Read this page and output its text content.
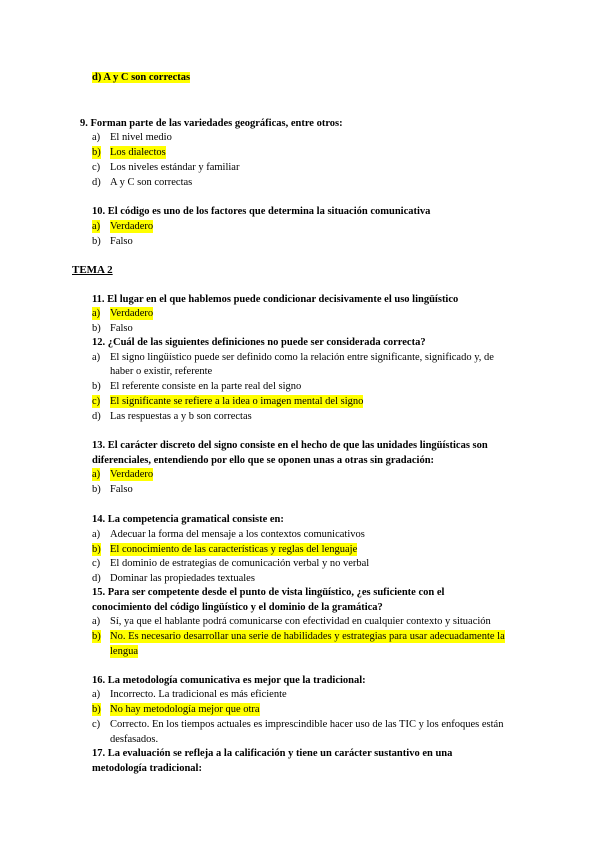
d) A y C son correctas
9. Forman parte de las variedades geográficas, entre otros:
a) El nivel medio
b) Los dialectos
c) Los niveles estándar y familiar
d) A y C son correctas
10. El código es uno de los factores que determina la situación comunicativa
a) Verdadero
b) Falso
TEMA 2
11. El lugar en el que hablemos puede condicionar decisivamente el uso lingüístico
a) Verdadero
b) Falso
12. ¿Cuál de las siguientes definiciones no puede ser considerada correcta?
a) El signo lingüístico puede ser definido como la relación entre significante, significado y, de
haber o existir, referente
b) El referente consiste en la parte real del signo
c) El significante se refiere a la idea o imagen mental del signo
d) Las respuestas a y b son correctas
13. El carácter discreto del signo consiste en el hecho de que las unidades lingüísticas son
diferenciales, entendiendo por ello que se oponen unas a otras sin gradación:
a) Verdadero
b) Falso
14. La competencia gramatical consiste en:
a) Adecuar la forma del mensaje a los contextos comunicativos
b) El conocimiento de las características y reglas del lenguaje
c) El dominio de estrategias de comunicación verbal y no verbal
d) Dominar las propiedades textuales
15. Para ser competente desde el punto de vista lingüístico, ¿es suficiente con el
conocimiento del código lingüístico y el dominio de la gramática?
a) Sí, ya que el hablante podrá comunicarse con efectividad en cualquier contexto y situación
b) No. Es necesario desarrollar una serie de habilidades y estrategias para usar adecuadamente la
lengua
16. La metodología comunicativa es mejor que la tradicional:
a) Incorrecto. La tradicional es más eficiente
b) No hay metodología mejor que otra
c) Correcto. En los tiempos actuales es imprescindible hacer uso de las TIC y los enfoques están
desfasados.
17. La evaluación se refleja a la calificación y tiene un carácter sustantivo en una
metodología tradicional:
